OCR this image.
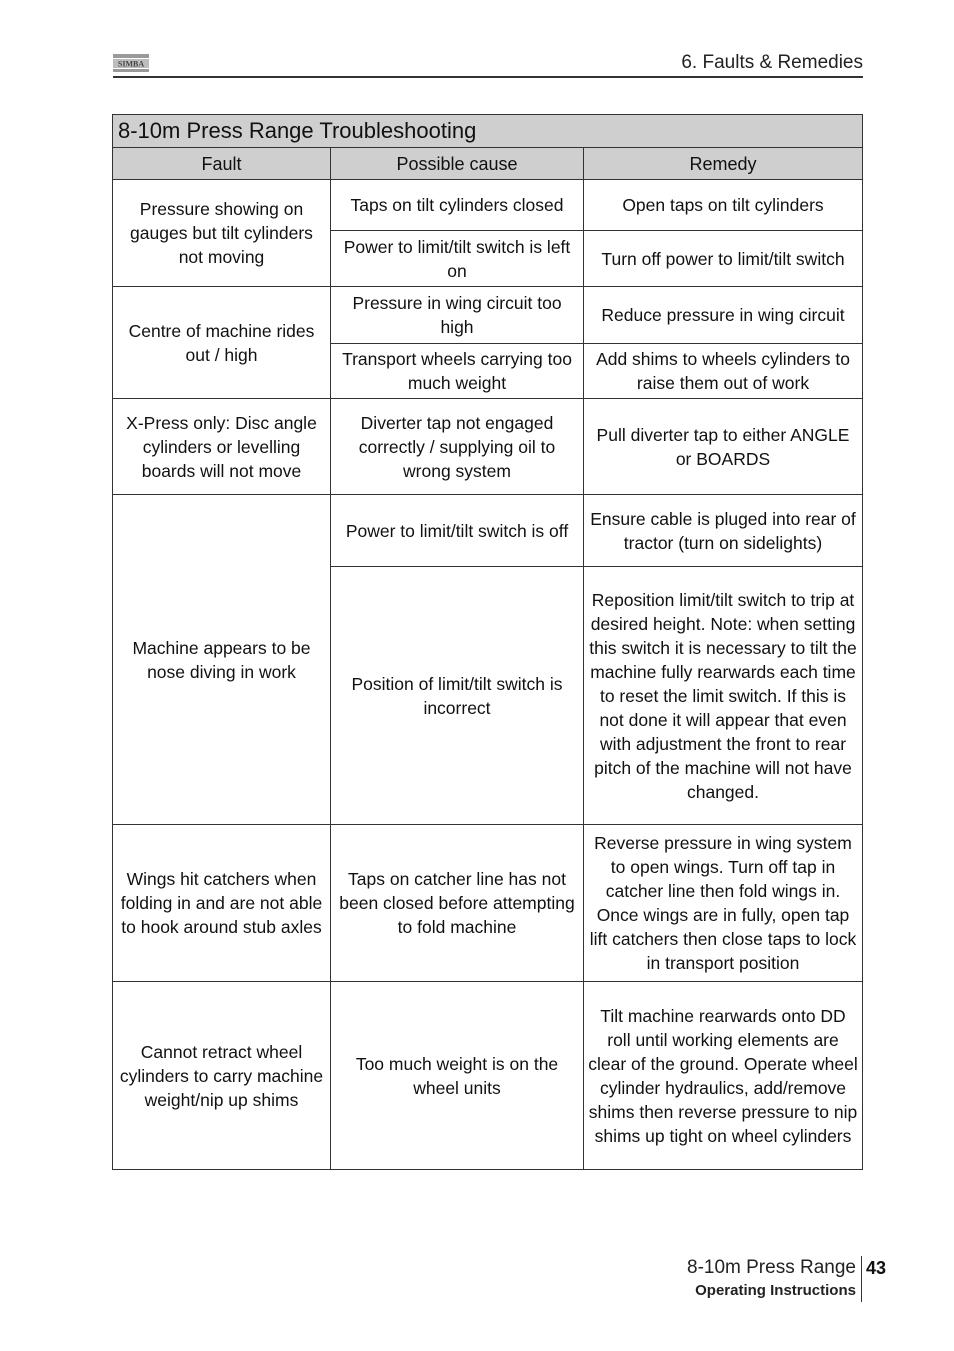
SIMBA	6. Faults & Remedies
8-10m Press Range Troubleshooting		
Fault	Possible cause	Remedy
Pressure showing on gauges but tilt cylinders not moving	Taps on tilt cylinders closed	Open taps on tilt cylinders
	Power to limit/tilt switch is left on	Turn off power to limit/tilt switch
Centre of machine rides out / high	Pressure in wing circuit too high	Reduce pressure in wing circuit
	Transport wheels carrying too much weight	Add shims to wheels cylinders to raise them out of work
X-Press only: Disc angle cylinders or levelling boards will not move	Diverter tap not engaged correctly / supplying oil to wrong system	Pull diverter tap to either ANGLE or BOARDS
Machine appears to be nose diving in work	Power to limit/tilt switch is off	Ensure cable is pluged into rear of tractor (turn on sidelights)
	Position of limit/tilt switch is incorrect	Reposition limit/tilt switch to trip at desired height. Note: when setting this switch it is necessary to tilt the machine fully rearwards each time to reset the limit switch. If this is not done it will appear that even with adjustment the front to rear pitch of the machine will not have changed.
Wings hit catchers when folding in and are not able to hook around stub axles	Taps on catcher line has not been closed before attempting to fold machine	Reverse pressure in wing system to open wings. Turn off tap in catcher line then fold wings in. Once wings are in fully, open tap lift catchers then close taps to lock in transport position
Cannot retract wheel cylinders to carry machine weight/nip up shims	Too much weight is on the wheel units	Tilt machine rearwards onto DD roll until working elements are clear of the ground. Operate wheel cylinder hydraulics, add/remove shims then reverse pressure to nip shims up tight on wheel cylinders
8-10m Press Range
Operating Instructions
43
